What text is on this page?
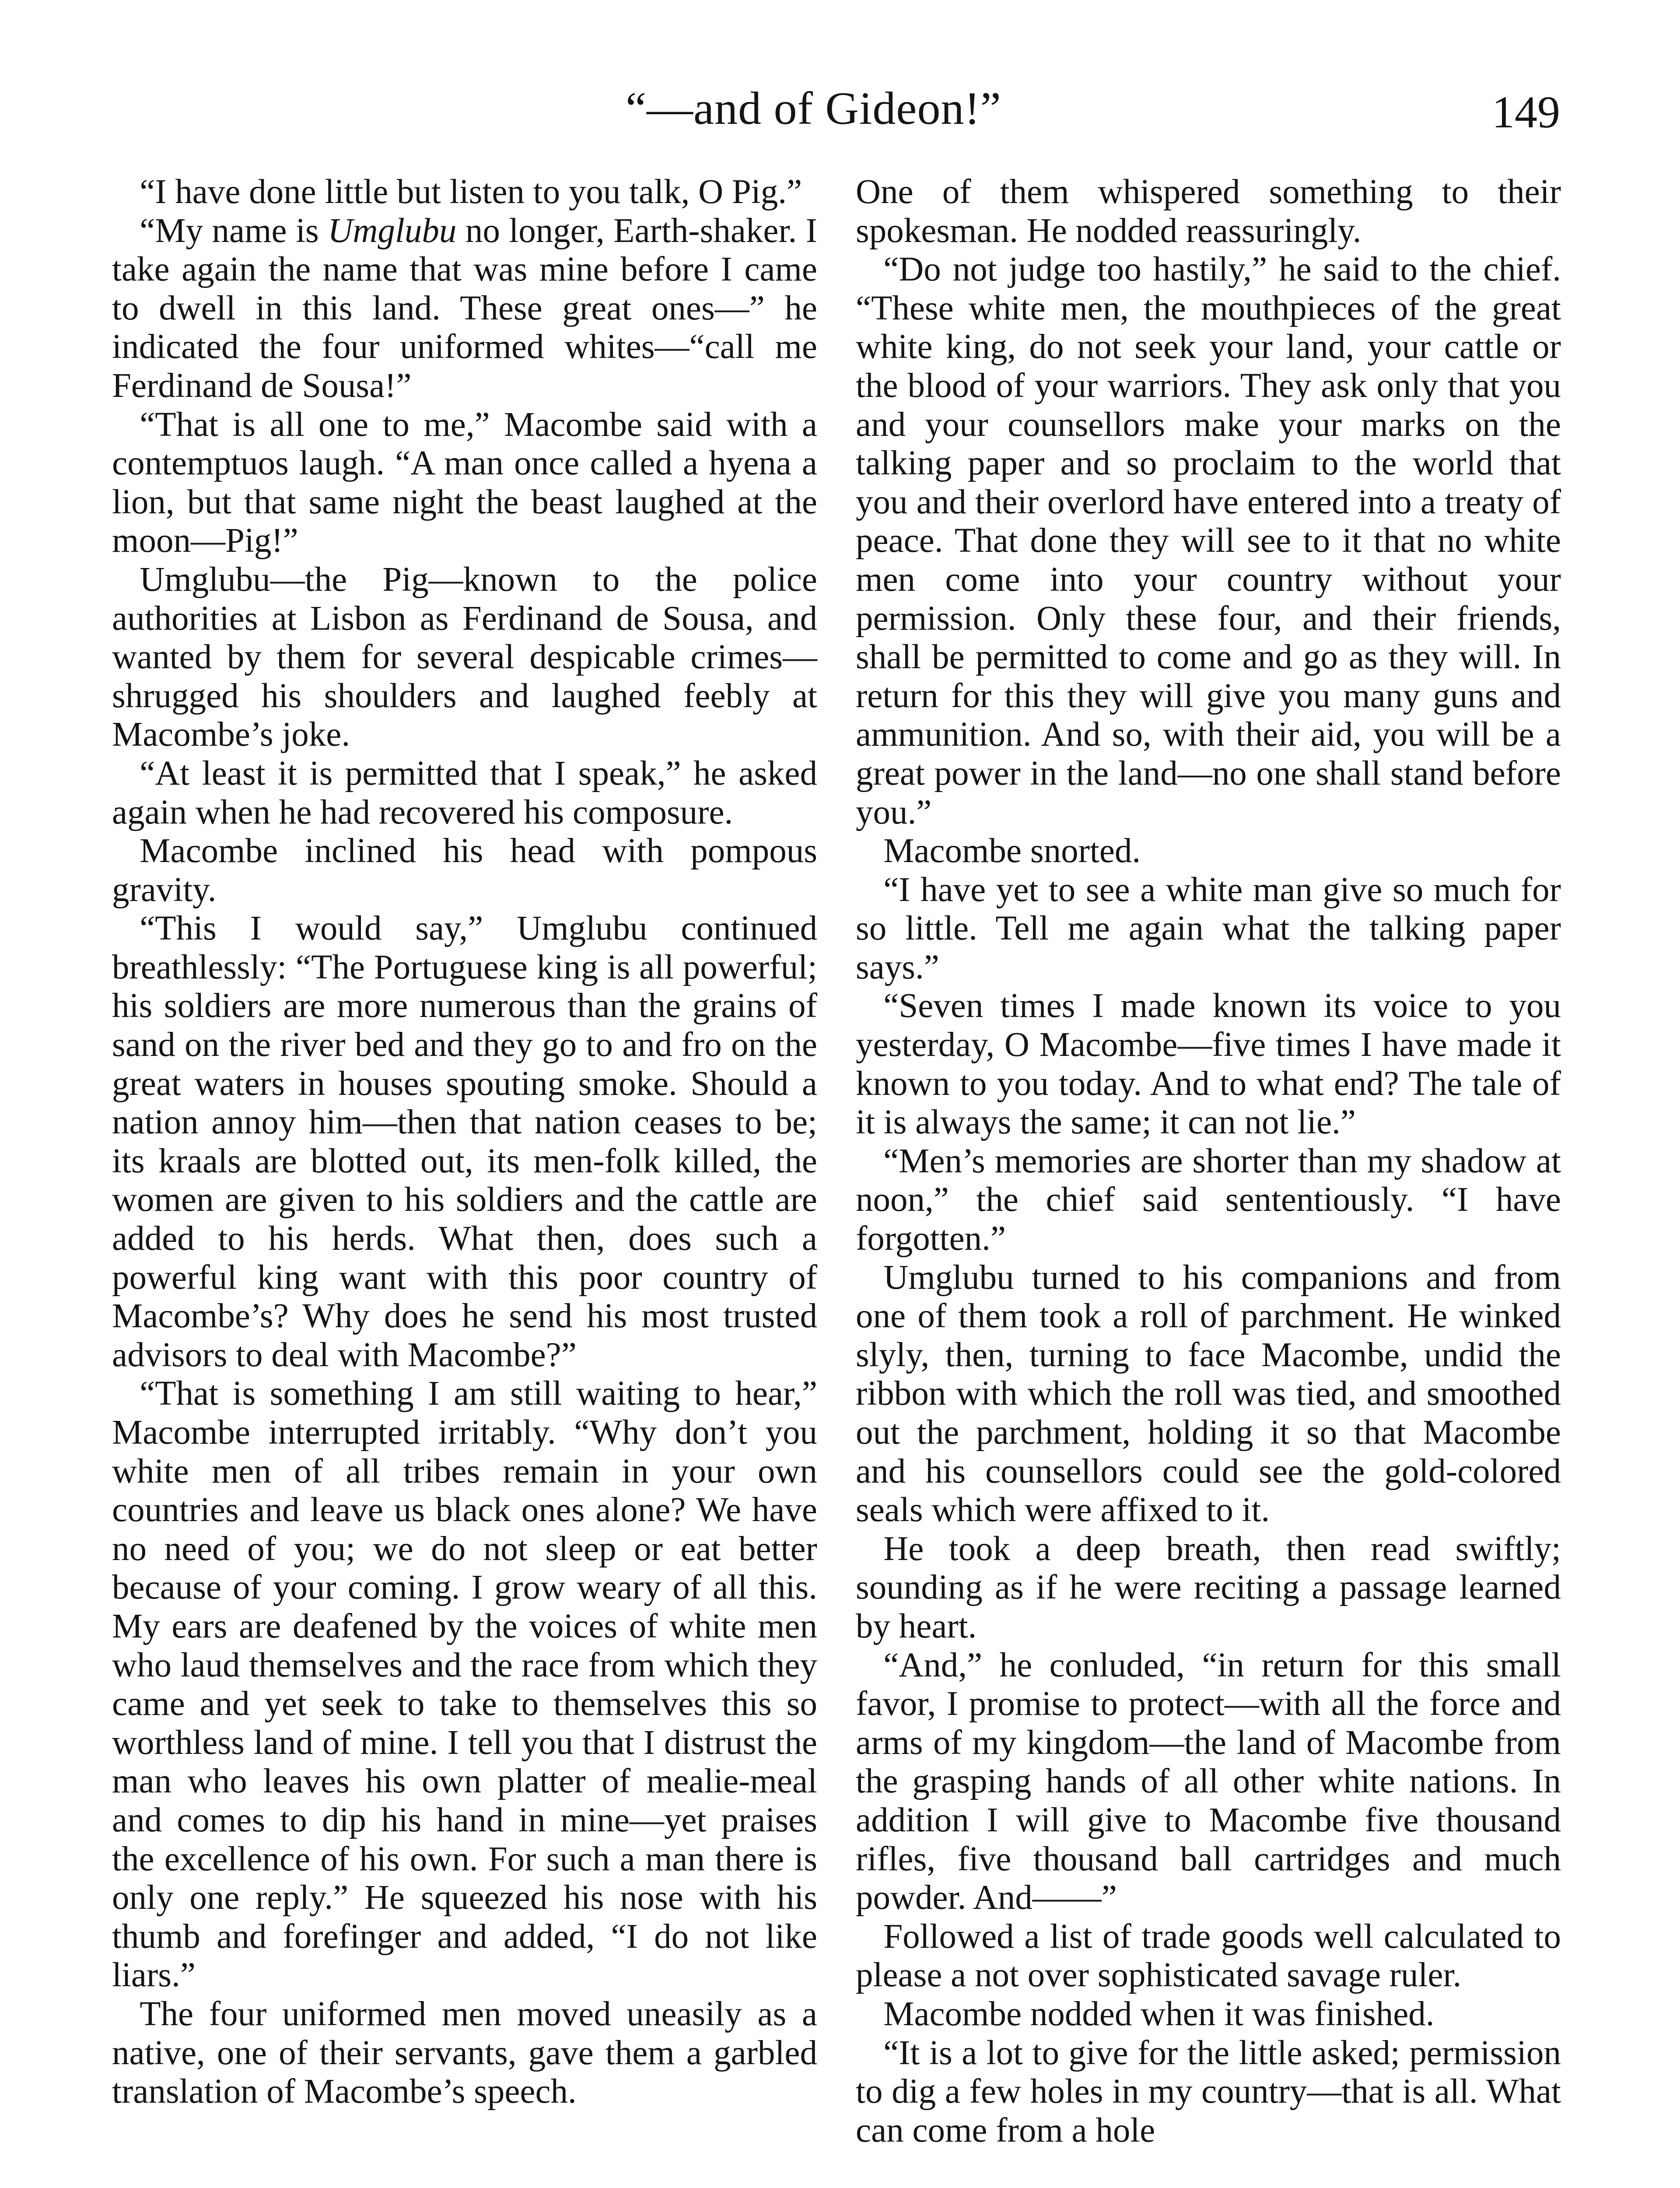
“—and of Gideon!”	149

“I have done little but listen to you talk, O Pig.”

“My name is Umglubu no longer, Earth-shaker. I take again the name that was mine before I came to dwell in this land. These great ones—” he indicated the four uniformed whites—“call me Ferdinand de Sousa!”

“That is all one to me,” Macombe said with a contemptuos laugh. “A man once called a hyena a lion, but that same night the beast laughed at the moon—Pig!”

Umglubu—the Pig—known to the police authorities at Lisbon as Ferdinand de Sousa, and wanted by them for several despicable crimes—shrugged his shoulders and laughed feebly at Macombe’s joke.

“At least it is permitted that I speak,” he asked again when he had recovered his composure.

Macombe inclined his head with pompous gravity.

“This I would say,” Umglubu continued breathlessly: “The Portuguese king is all powerful; his soldiers are more numerous than the grains of sand on the river bed and they go to and fro on the great waters in houses spouting smoke. Should a nation annoy him—then that nation ceases to be; its kraals are blotted out, its men-folk killed, the women are given to his soldiers and the cattle are added to his herds. What then, does such a powerful king want with this poor country of Macombe’s? Why does he send his most trusted advisors to deal with Macombe?”

“That is something I am still waiting to hear,” Macombe interrupted irritably. “Why don’t you white men of all tribes remain in your own countries and leave us black ones alone? We have no need of you; we do not sleep or eat better because of your coming. I grow weary of all this. My ears are deafened by the voices of white men who laud themselves and the race from which they came and yet seek to take to themselves this so worthless land of mine. I tell you that I distrust the man who leaves his own platter of mealie-meal and comes to dip his hand in mine—yet praises the excellence of his own. For such a man there is only one reply.” He squeezed his nose with his thumb and forefinger and added, “I do not like liars.”

The four uniformed men moved uneasily as a native, one of their servants, gave them a garbled translation of Macombe’s speech.

One of them whispered something to their spokesman. He nodded reassuringly.

“Do not judge too hastily,” he said to the chief. “These white men, the mouthpieces of the great white king, do not seek your land, your cattle or the blood of your warriors. They ask only that you and your counsellors make your marks on the talking paper and so proclaim to the world that you and their overlord have entered into a treaty of peace. That done they will see to it that no white men come into your country without your permission. Only these four, and their friends, shall be permitted to come and go as they will. In return for this they will give you many guns and ammunition. And so, with their aid, you will be a great power in the land—no one shall stand before you.”

Macombe snorted.

“I have yet to see a white man give so much for so little. Tell me again what the talking paper says.”

“Seven times I made known its voice to you yesterday, O Macombe—five times I have made it known to you today. And to what end? The tale of it is always the same; it can not lie.”

“Men’s memories are shorter than my shadow at noon,” the chief said sententiously. “I have forgotten.”

Umglubu turned to his companions and from one of them took a roll of parchment. He winked slyly, then, turning to face Macombe, undid the ribbon with which the roll was tied, and smoothed out the parchment, holding it so that Macombe and his counsellors could see the gold-colored seals which were affixed to it.

He took a deep breath, then read swiftly; sounding as if he were reciting a passage learned by heart.

“And,” he conluded, “in return for this small favor, I promise to protect—with all the force and arms of my kingdom—the land of Macombe from the grasping hands of all other white nations. In addition I will give to Macombe five thousand rifles, five thousand ball cartridges and much powder. And——”

Followed a list of trade goods well calculated to please a not over sophisticated savage ruler.

Macombe nodded when it was finished.

“It is a lot to give for the little asked; permission to dig a few holes in my country—that is all. What can come from a hole
